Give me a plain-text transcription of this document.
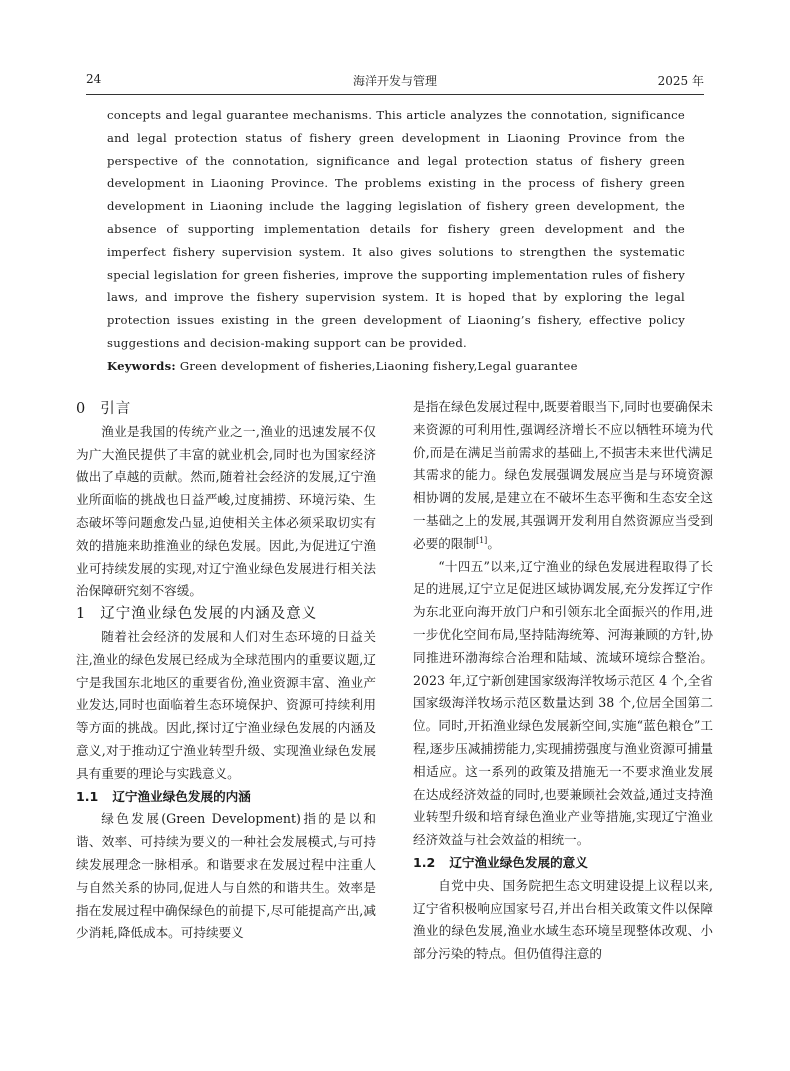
24	海洋开发与管理	2025 年

concepts and legal guarantee mechanisms. This article analyzes the connotation, significance and legal protection status of fishery green development in Liaoning Province from the perspective of the connotation, significance and legal protection status of fishery green development in Liaoning Province. The problems existing in the process of fishery green development in Liaoning include the lagging legislation of fishery green development, the absence of supporting implementation details for fishery green development and the imperfect fishery supervision system. It also gives solutions to strengthen the systematic special legislation for green fisheries, improve the supporting implementation rules of fishery laws, and improve the fishery supervision system. It is hoped that by exploring the legal protection issues existing in the green development of Liaoning’s fishery, effective policy suggestions and decision-making support can be provided.

Keywords: Green development of fisheries,Liaoning fishery,Legal guarantee

0 引言

渔业是我国的传统产业之一,渔业的迅速发展不仅为广大渔民提供了丰富的就业机会,同时也为国家经济做出了卓越的贡献。然而,随着社会经济的发展,辽宁渔业所面临的挑战也日益严峻,过度捕捞、环境污染、生态破坏等问题愈发凸显,迫使相关主体必须采取切实有效的措施来助推渔业的绿色发展。因此,为促进辽宁渔业可持续发展的实现,对辽宁渔业绿色发展进行相关法治保障研究刻不容缓。

1 辽宁渔业绿色发展的内涵及意义

随着社会经济的发展和人们对生态环境的日益关注,渔业的绿色发展已经成为全球范围内的重要议题,辽宁是我国东北地区的重要省份,渔业资源丰富、渔业产业发达,同时也面临着生态环境保护、资源可持续利用等方面的挑战。因此,探讨辽宁渔业绿色发展的内涵及意义,对于推动辽宁渔业转型升级、实现渔业绿色发展具有重要的理论与实践意义。

1.1 辽宁渔业绿色发展的内涵

绿色发展(Green Development)指的是以和谐、效率、可持续为要义的一种社会发展模式,与可持续发展理念一脉相承。和谐要求在发展过程中注重人与自然关系的协同,促进人与自然的和谐共生。效率是指在发展过程中确保绿色的前提下,尽可能提高产出,减少消耗,降低成本。可持续要义

是指在绿色发展过程中,既要着眼当下,同时也要确保未来资源的可利用性,强调经济增长不应以牺牲环境为代价,而是在满足当前需求的基础上,不损害未来世代满足其需求的能力。绿色发展强调发展应当是与环境资源相协调的发展,是建立在不破坏生态平衡和生态安全这一基础之上的发展,其强调开发利用自然资源应当受到必要的限制[1]。

“十四五”以来,辽宁渔业的绿色发展进程取得了长足的进展,辽宁立足促进区域协调发展,充分发挥辽宁作为东北亚向海开放门户和引领东北全面振兴的作用,进一步优化空间布局,坚持陆海统筹、河海兼顾的方针,协同推进环渤海综合治理和陆域、流域环境综合整治。2023 年,辽宁新创建国家级海洋牧场示范区 4 个,全省国家级海洋牧场示范区数量达到 38 个,位居全国第二位。同时,开拓渔业绿色发展新空间,实施“蓝色粮仓”工程,逐步压减捕捞能力,实现捕捞强度与渔业资源可捕量相适应。这一系列的政策及措施无一不要求渔业发展在达成经济效益的同时,也要兼顾社会效益,通过支持渔业转型升级和培育绿色渔业产业等措施,实现辽宁渔业经济效益与社会效益的相统一。

1.2 辽宁渔业绿色发展的意义

自党中央、国务院把生态文明建设提上议程以来,辽宁省积极响应国家号召,并出台相关政策文件以保障渔业的绿色发展,渔业水域生态环境呈现整体改观、小部分污染的特点。但仍值得注意的
